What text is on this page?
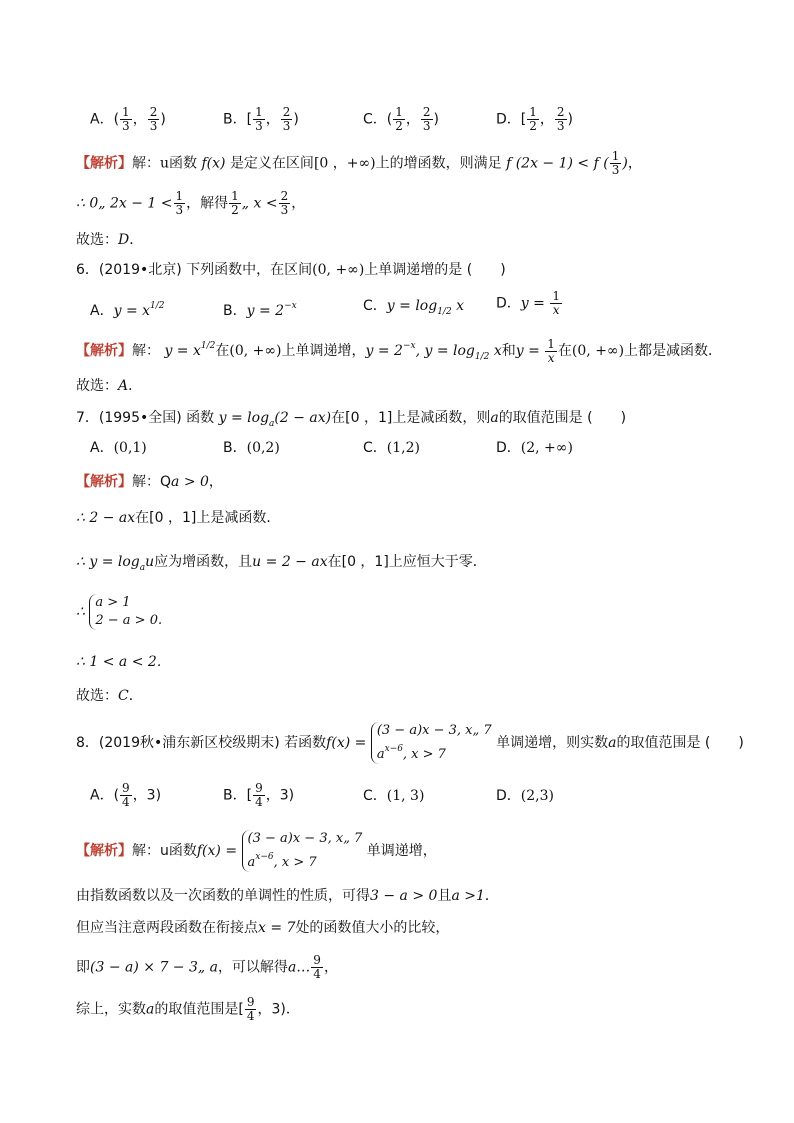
A．( $\frac{1}{3}$ ， $\frac{2}{3}$ )	B．[ $\frac{1}{3}$ ， $\frac{2}{3}$ )	C．( $\frac{1}{2}$ ， $\frac{2}{3}$ )	D．[ $\frac{1}{2}$ ， $\frac{2}{3}$ )
【解析】解：u函数 f(x) 是定义在区间[0 ，+∞)上的增函数，则满足 f (2x − 1) < f ( $\frac{1}{3}$ )，
∴ 0„ $2x - 1 < \frac{1}{3}$ ，解得 $\frac{1}{2}$ „ $x < \frac{2}{3}$ ，
故选：D．
6．(2019•北京) 下列函数中，在区间(0, +∞)上单调递增的是 (　　)
A．$y = x^{1/2}$	B．$y = 2^{-x}$	C．$y = \log_{1/2} x$ D．$y = \frac{1}{x}$
【解析】解： $y = x^{1/2}$在(0, +∞)上单调递增，$y = 2^{-x}$, $y = \log_{1/2} x$和$y = \frac{1}{x}$ 在(0, +∞)上都是减函数．
故选：A．
7．(1995•全国) 函数 $y = \log_a(2 - ax)$在[0 ，1]上是减函数，则a的取值范围是 (　　)
A．(0,1)	B．(0,2)	C．(1,2)	D．(2, +∞)
【解析】解：Qa > 0，
∴ 2 − ax在[0 ，1]上是减函数．
∴ $y = \log_au$应为增函数，且u = 2 − ax在[0 ，1]上应恒大于零．
∴
a > 1
2 − a > 0.
∴ 1 < a < 2．
故选：C．
8．(2019秋•浦东新区校级期末) 若函数f(x) =
(3 − a)x − 3, x„ 7
$a^{x-6}$, x > 7
单调递增，则实数a的取值范围是 (　　)
A．( $\frac{9}{4}$ ，3)	B．[ $\frac{9}{4}$ ，3)	C．(1, 3)	D．(2,3)
【解析】解：u函数f(x) =
(3 − a)x − 3, x„ 7
$a^{x-6}$, x > 7
单调递增，
由指数函数以及一次函数的单调性的性质，可得3 − a > 0且a >1．
但应当注意两段函数在衔接点x = 7处的函数值大小的比较，
即(3 − a) × 7 − 3„ a，可以解得a… $\frac{9}{4}$ ，
综上，实数a的取值范围是[ $\frac{9}{4}$ ，3)．
